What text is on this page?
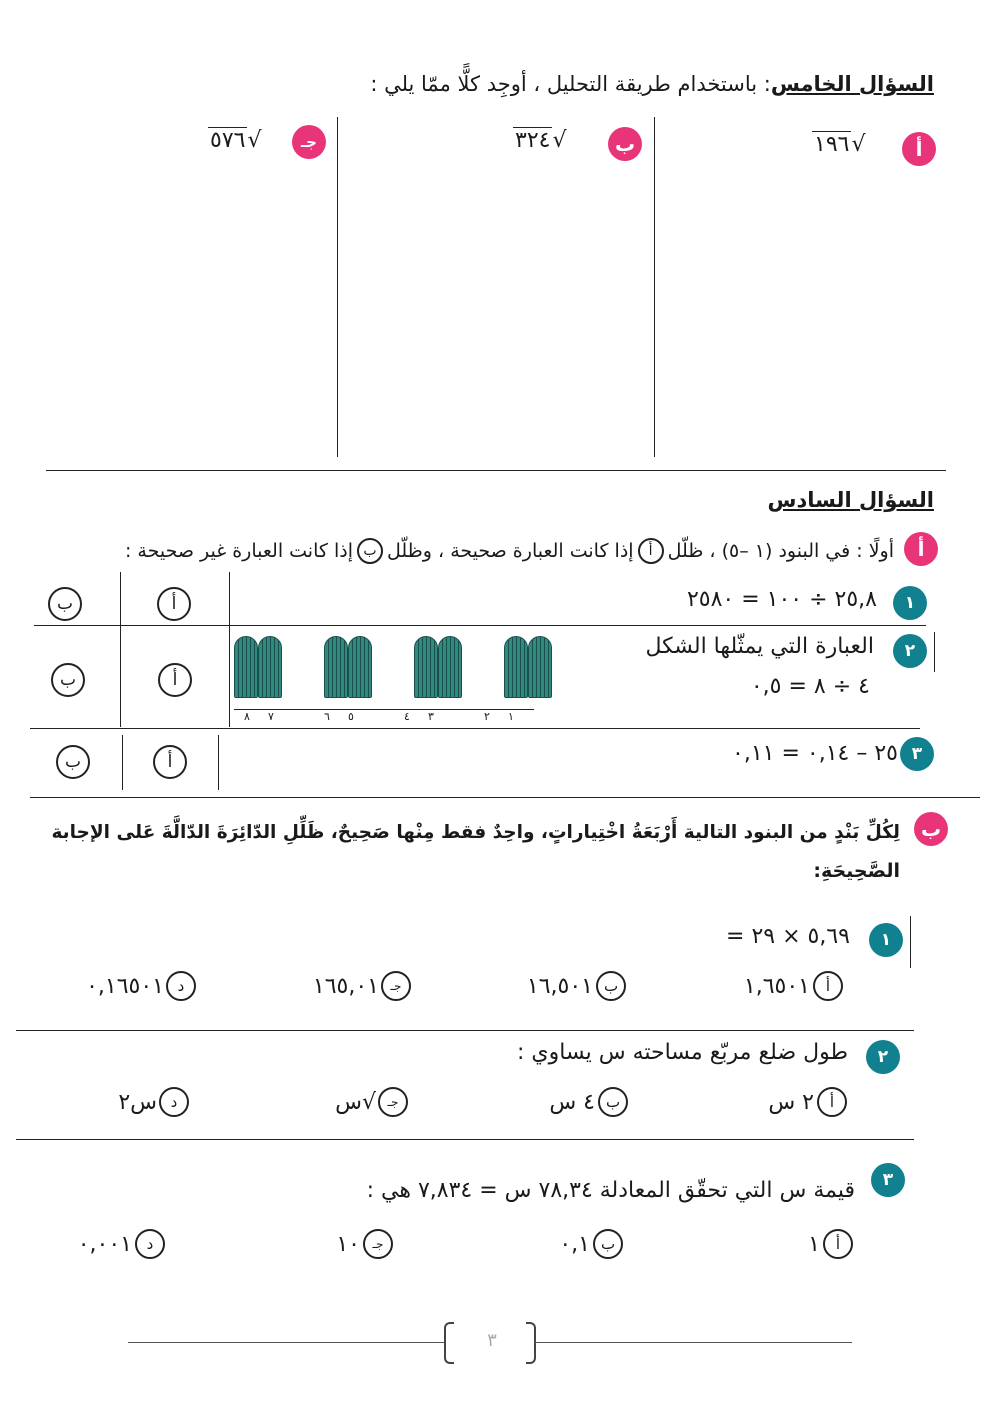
السؤال الخامس: باستخدام طريقة التحليل ، أوجِد كلًّا ممّا يلي :
أ
√١٩٦
ب
√٣٢٤
جـ
√٥٧٦
السؤال السادس
أ
أولًا : في البنود (١ –٥) ، ظلّل
أ
إذا كانت العبارة صحيحة ، وظلّل
ب
إذا كانت العبارة غير صحيحة :
١
٢٥,٨ ÷ ١٠٠ = ٢٥٨٠
أ
ب
٢
العبارة التي يمثّلها الشكل
٤ ÷ ٨ = ٠,٥
أ
ب
٨ ٧	٦ ٥	٤ ٣	٢ ١
٣
٢٥ – ٠,١٤ = ٠,١١
أ
ب
ب
لِكُلِّ بَنْدٍ من البنود التالية أَرْبَعَةُ اخْتِياراتٍ، واحِدٌ فقط مِنْها صَحِيحٌ، ظَلِّلِ الدّائِرَةَ الدّالَّةَ عَلى الإجابة
الصَّحِيحَةِ:
١
٥,٦٩ × ٢٩ =
أ
١,٦٥٠١
ب
١٦,٥٠١
جـ
١٦٥,٠١
د
٠,١٦٥٠١
٢
طول ضلع مربّع مساحته س يساوي :
أ
٢ س
ب
٤ س
جـ
√س
د
س٢
٣
قيمة س التي تحقّق المعادلة ٧٨,٣٤ س = ٧,٨٣٤ هي :
أ
١
ب
٠,١
جـ
١٠
د
٠,٠٠١
٣
